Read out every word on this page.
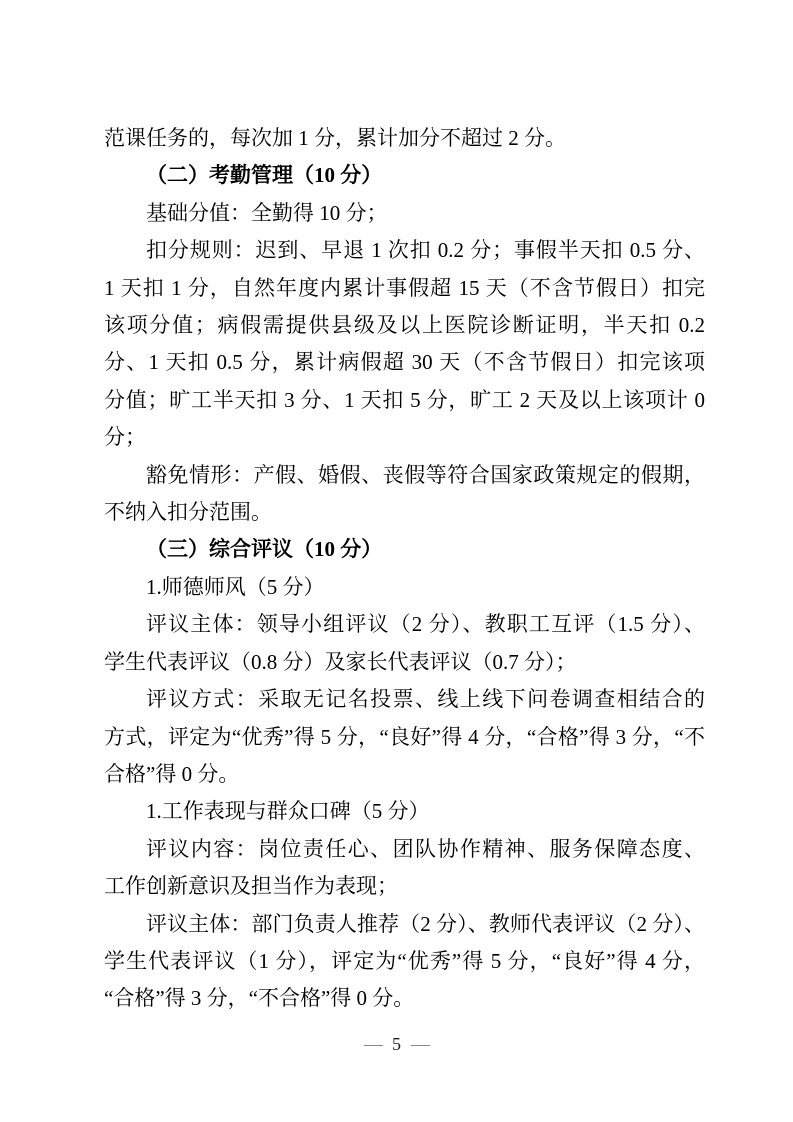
范课任务的，每次加 1 分，累计加分不超过 2 分。
（二）考勤管理（10 分）
基础分值：全勤得 10 分；
扣分规则：迟到、早退 1 次扣 0.2 分；事假半天扣 0.5 分、
1 天扣 1 分，自然年度内累计事假超 15 天（不含节假日）扣完
该项分值；病假需提供县级及以上医院诊断证明，半天扣 0.2
分、1 天扣 0.5 分，累计病假超 30 天（不含节假日）扣完该项
分值；旷工半天扣 3 分、1 天扣 5 分，旷工 2 天及以上该项计 0
分；
豁免情形：产假、婚假、丧假等符合国家政策规定的假期，
不纳入扣分范围。
（三）综合评议（10 分）
1.师德师风（5 分）
评议主体：领导小组评议（2 分）、教职工互评（1.5 分）、
学生代表评议（0.8 分）及家长代表评议（0.7 分）；
评议方式：采取无记名投票、线上线下问卷调查相结合的
方式，评定为“优秀”得 5 分，“良好”得 4 分，“合格”得 3 分，“不
合格”得 0 分。
1.工作表现与群众口碑（5 分）
评议内容：岗位责任心、团队协作精神、服务保障态度、
工作创新意识及担当作为表现；
评议主体：部门负责人推荐（2 分）、教师代表评议（2 分）、
学生代表评议（1 分），评定为“优秀”得 5 分，“良好”得 4 分，
“合格”得 3 分，“不合格”得 0 分。
— 5 —
